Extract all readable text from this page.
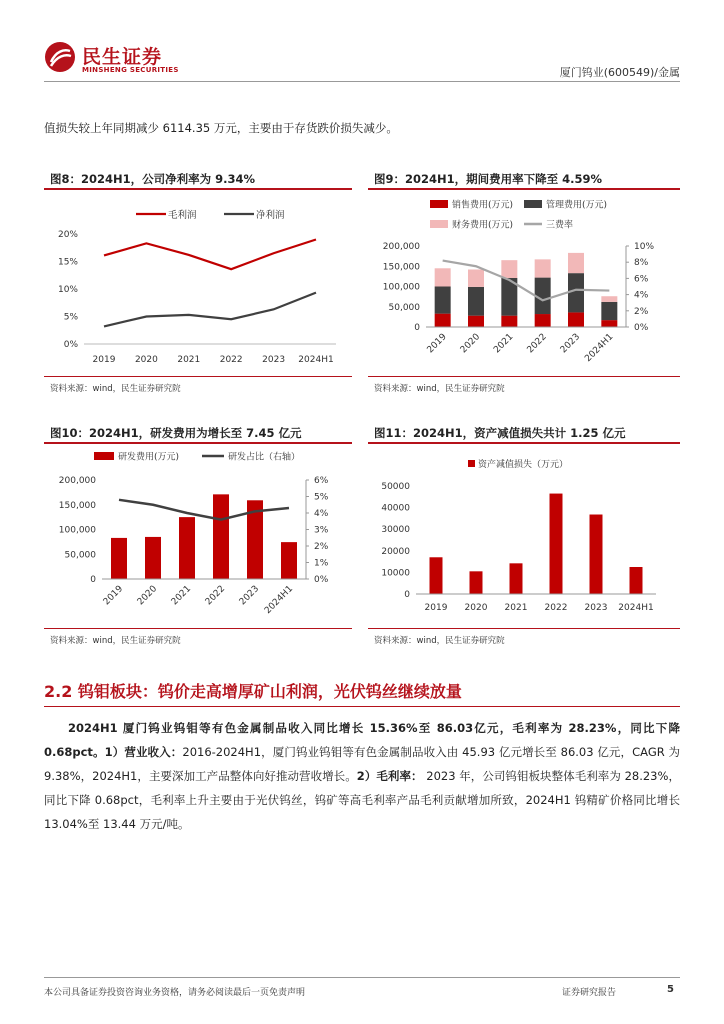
民生证券
MINSHENG SECURITIES	厦门钨业(600549)/金属
值损失较上年同期减少 6114.35 万元，主要由于存货跌价损失减少。
图8：2024H1，公司净利率为 9.34%
0%
5%
10%
15%
20%
2019 2020 2021 2022 2023 2024H1
毛利润	净利润
资料来源：wind，民生证券研究院
图9：2024H1，期间费用率下降至 4.59%
0
50,000
100,000
150,000
200,000
0%
2%
4%
6%
8%
10%
2019 2020 2021 2022 2023 2024H1
销售费用(万元)	管理费用(万元)
财务费用(万元)	三费率
资料来源：wind，民生证券研究院
图10：2024H1，研发费用为增长至 7.45 亿元
0
50,000
100,000
150,000
200,000
0%
1%
2%
3%
4%
5%
6%
2019 2020 2021 2022 2023 2024H1
研发费用(万元)	研发占比（右轴）
资料来源：wind，民生证券研究院
图11：2024H1，资产减值损失共计 1.25 亿元
0
10000
20000
30000
40000
50000
2019 2020 2021 2022 2023 2024H1
资产减值损失（万元）
资料来源：wind，民生证券研究院
2.2 钨钼板块：钨价走高增厚矿山利润，光伏钨丝继续放量
2024H1 厦门钨业钨钼等有色金属制品收入同比增长 15.36%至 86.03亿元，毛利率为 28.23%，同比下降 0.68pct。1）营业收入：2016-2024H1，厦门钨业钨钼等有色金属制品收入由 45.93 亿元增长至 86.03 亿元，CAGR 为 9.38%，2024H1，主要深加工产品整体向好推动营收增长。2）毛利率： 2023 年，公司钨钼板块整体毛利率为 28.23%，同比下降 0.68pct，毛利率上升主要由于光伏钨丝，钨矿等高毛利率产品毛利贡献增加所致，2024H1 钨精矿价格同比增长 13.04%至 13.44 万元/吨。
本公司具备证券投资咨询业务资格，请务必阅读最后一页免责声明	证券研究报告	5
